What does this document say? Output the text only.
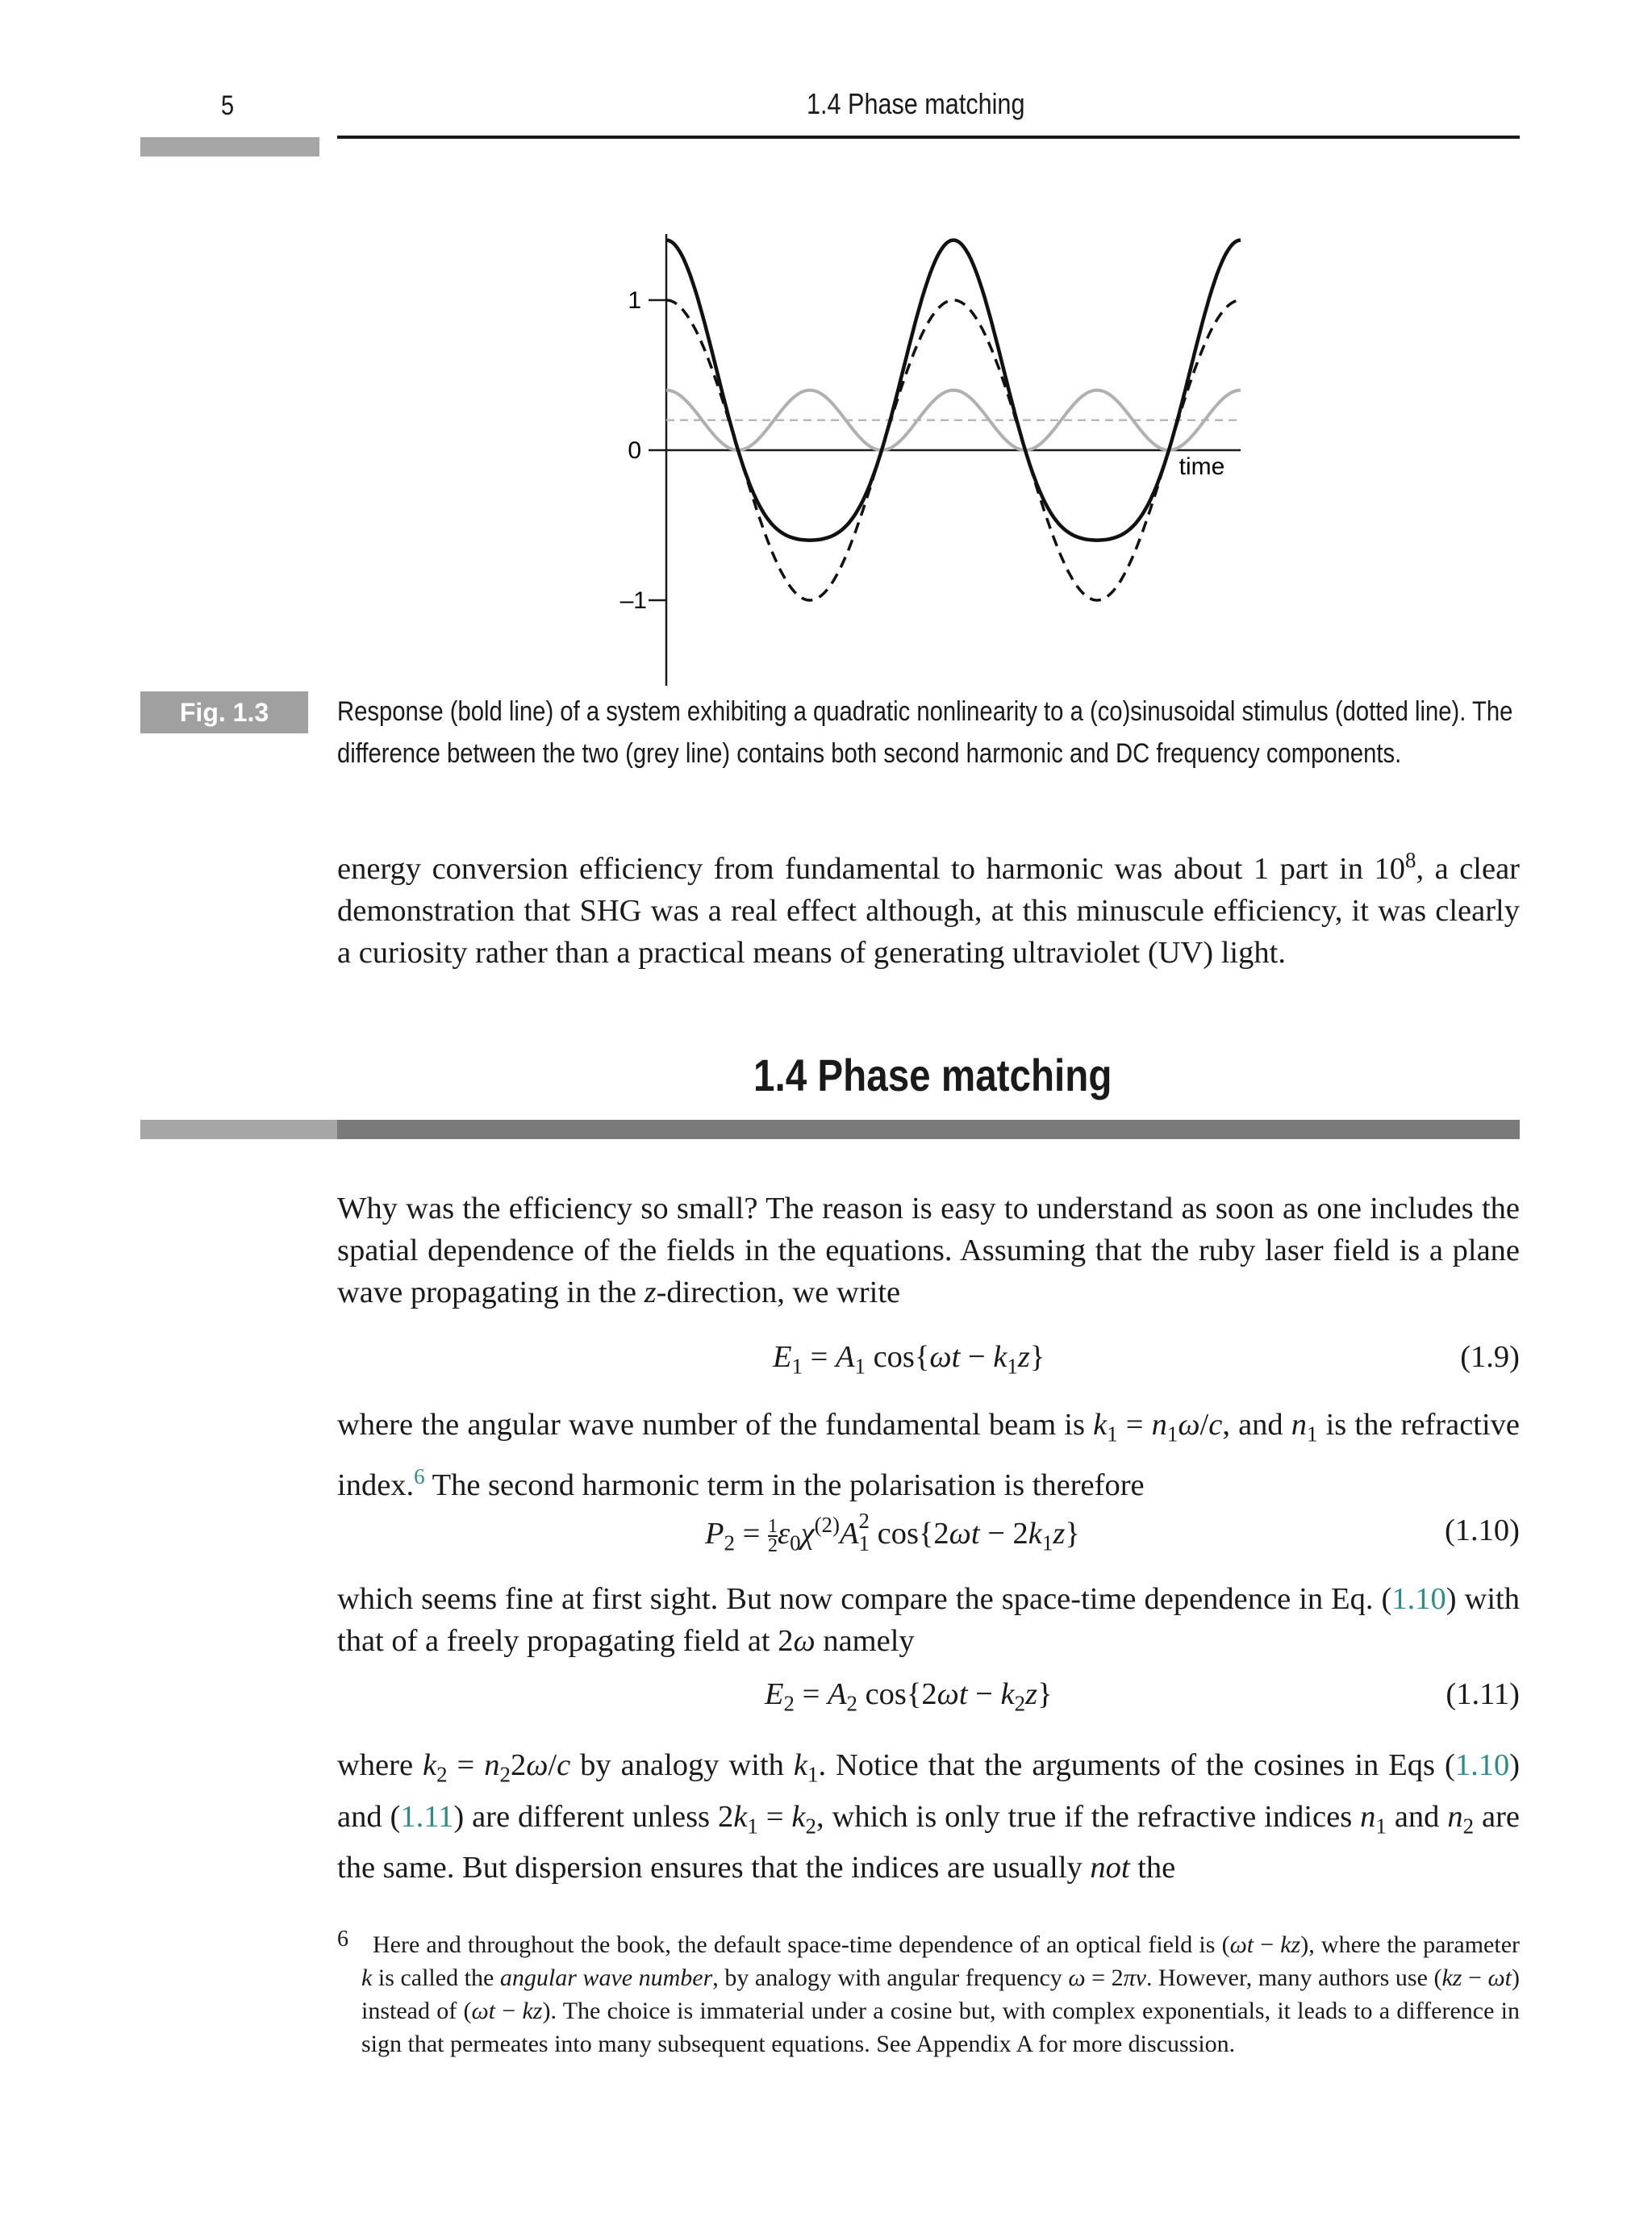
5	1.4 Phase matching
1
0
–1
time
Fig. 1.3	Response (bold line) of a system exhibiting a quadratic nonlinearity to a (co)sinusoidal stimulus (dotted line). The difference between the two (grey line) contains both second harmonic and DC frequency components.
energy conversion efficiency from fundamental to harmonic was about 1 part in $10^8$, a clear demonstration that SHG was a real effect although, at this minuscule efficiency, it was clearly a curiosity rather than a practical means of generating ultraviolet (UV) light.
1.4 Phase matching
Why was the efficiency so small? The reason is easy to understand as soon as one includes the spatial dependence of the fields in the equations. Assuming that the ruby laser field is a plane wave propagating in the z-direction, we write
$E_1 = A_1$ $\cos\{\omega t - k_1z\}$	(1.9)
where the angular wave number of the fundamental beam is $k_1 = n_1\omega/c$, and $n_1$ is the refractive index.$^6$ The second harmonic term in the polarisation is therefore
$P_2 = \frac{1}{2} \varepsilon_0\chi^{(2)}A$ $_{2 1}$ $\cos\{2\omega t - 2k_1z\}$	(1.10)
which seems fine at first sight. But now compare the space-time dependence in Eq. (1.10) with that of a freely propagating field at 2ω namely
$E_2 = A_2$ $\cos\{2\omega t - k_2z\}$	(1.11)
where $k_2 = n_22\omega/c$ by analogy with $k_1$. Notice that the arguments of the cosines in Eqs (1.10) and (1.11) are different unless $2k_1 = k_2$, which is only true if the refractive indices $n_1$ and $n_2$ are the same. But dispersion ensures that the indices are usually not the
6	Here and throughout the book, the default space-time dependence of an optical field is (ωt − kz), where the parameter k is called the angular wave number, by analogy with angular frequency ω = 2πν. However, many authors use (kz − ωt) instead of (ωt − kz). The choice is immaterial under a cosine but, with complex exponentials, it leads to a difference in sign that permeates into many subsequent equations. See Appendix A for more discussion.
